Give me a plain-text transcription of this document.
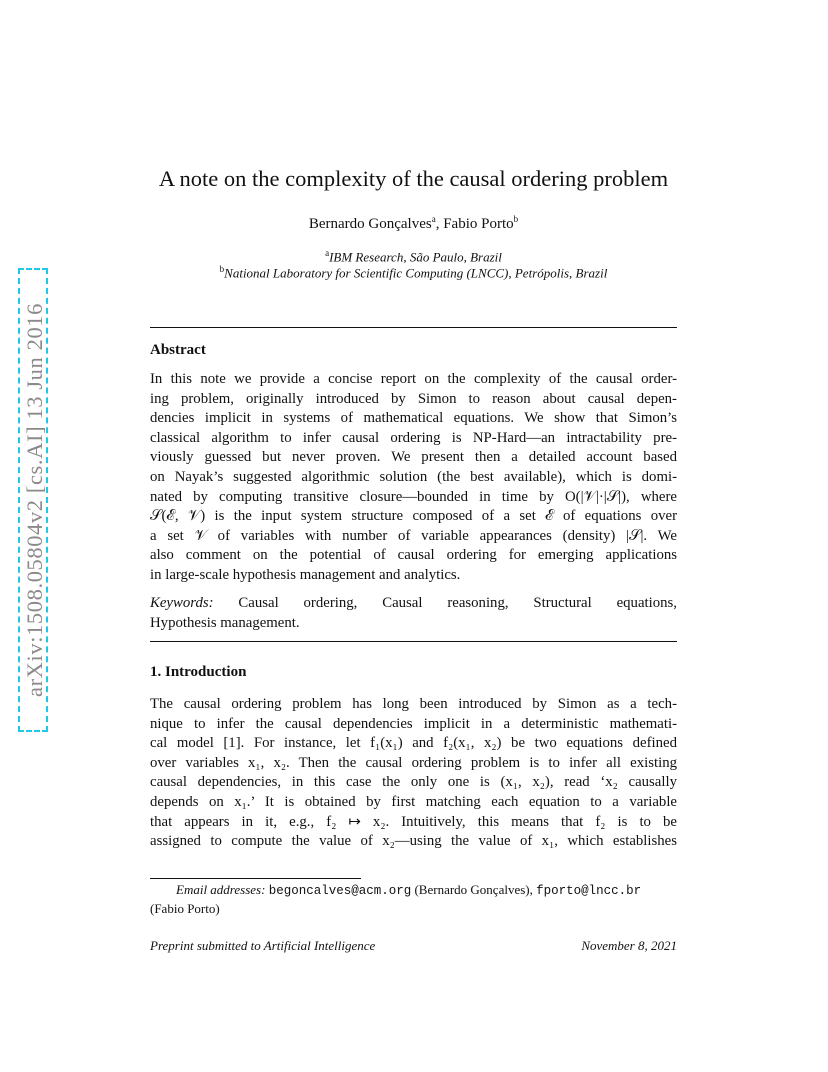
arXiv:1508.05804v2 [cs.AI] 13 Jun 2016
A note on the complexity of the causal ordering problem
Bernardo Gonçalves$^a$, Fabio Porto$^b$
$^a$IBM Research, São Paulo, Brazil
$^b$National Laboratory for Scientific Computing (LNCC), Petrópolis, Brazil
Abstract
In this note we provide a concise report on the complexity of the causal order-
ing problem, originally introduced by Simon to reason about causal depen-
dencies implicit in systems of mathematical equations. We show that Simon’s
classical algorithm to infer causal ordering is NP-Hard—an intractability pre-
viously guessed but never proven. We present then a detailed account based
on Nayak’s suggested algorithmic solution (the best available), which is domi-
nated by computing transitive closure—bounded in time by O(|𝒱|·|𝒮|), where
𝒮(ℰ, 𝒱) is the input system structure composed of a set ℰ of equations over
a set 𝒱 of variables with number of variable appearances (density) |𝒮|. We
also comment on the potential of causal ordering for emerging applications
in large-scale hypothesis management and analytics.
Keywords: Causal ordering, Causal reasoning, Structural equations,
Hypothesis management.
1. Introduction
The causal ordering problem has long been introduced by Simon as a tech-
nique to infer the causal dependencies implicit in a deterministic mathemati-
cal model [1]. For instance, let f₁(x₁) and f₂(x₁, x₂) be two equations defined
over variables x₁, x₂. Then the causal ordering problem is to infer all existing
causal dependencies, in this case the only one is (x₁, x₂), read ‘x₂ causally
depends on x₁.’ It is obtained by first matching each equation to a variable
that appears in it, e.g., f₂ ↦ x₂. Intuitively, this means that f₂ is to be
assigned to compute the value of x₂—using the value of x₁, which establishes
Email addresses: begoncalves@acm.org (Bernardo Gonçalves), fporto@lncc.br
(Fabio Porto)
Preprint submitted to Artificial Intelligence	November 8, 2021
